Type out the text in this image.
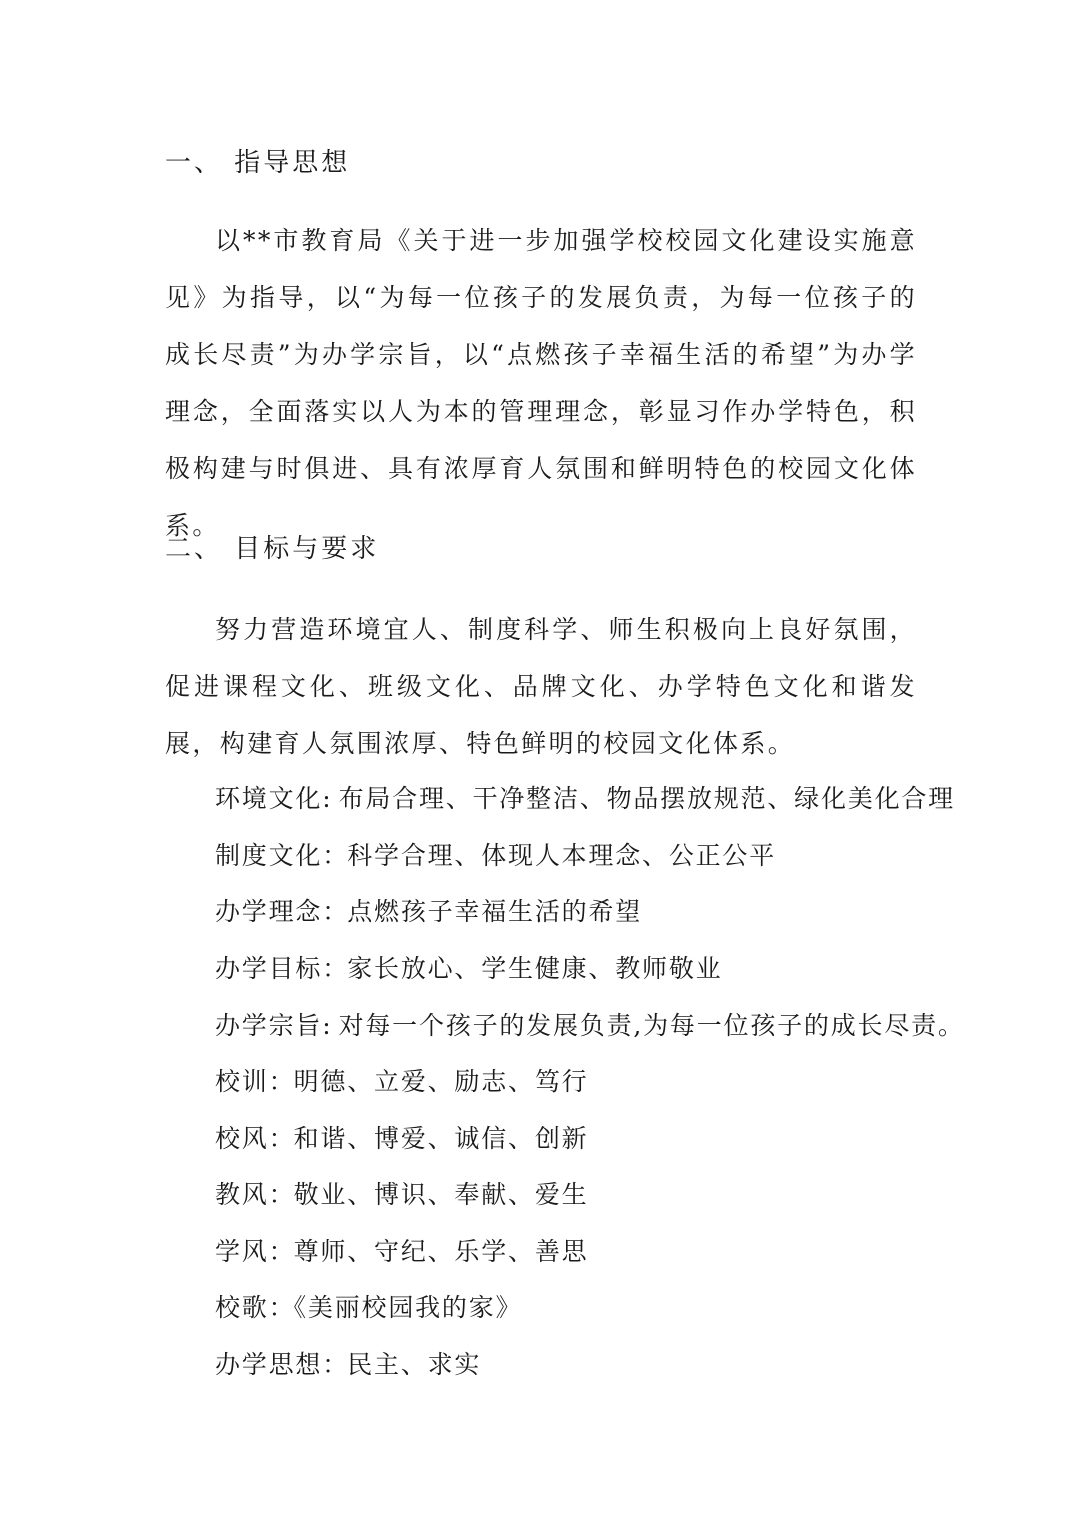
一、 指导思想

以**市教育局《关于进一步加强学校校园文化建设实施意见》为指导，以“为每一位孩子的发展负责，为每一位孩子的成长尽责”为办学宗旨，以“点燃孩子幸福生活的希望”为办学理念，全面落实以人为本的管理理念，彰显习作办学特色，积极构建与时俱进、具有浓厚育人氛围和鲜明特色的校园文化体系。

二、 目标与要求

努力营造环境宜人、制度科学、师生积极向上良好氛围，促进课程文化、班级文化、品牌文化、办学特色文化和谐发展，构建育人氛围浓厚、特色鲜明的校园文化体系。

环境文化: 布局合理、干净整洁、物品摆放规范、绿化美化合理
制度文化：科学合理、体现人本理念、公正公平
办学理念：点燃孩子幸福生活的希望
办学目标：家长放心、学生健康、教师敬业
办学宗旨: 对每一个孩子的发展负责,为每一位孩子的成长尽责。
校训：明德、立爱、励志、笃行
校风：和谐、博爱、诚信、创新
教风：敬业、博识、奉献、爱生
学风：尊师、守纪、乐学、善思
校歌：《美丽校园我的家》
办学思想：民主、求实
